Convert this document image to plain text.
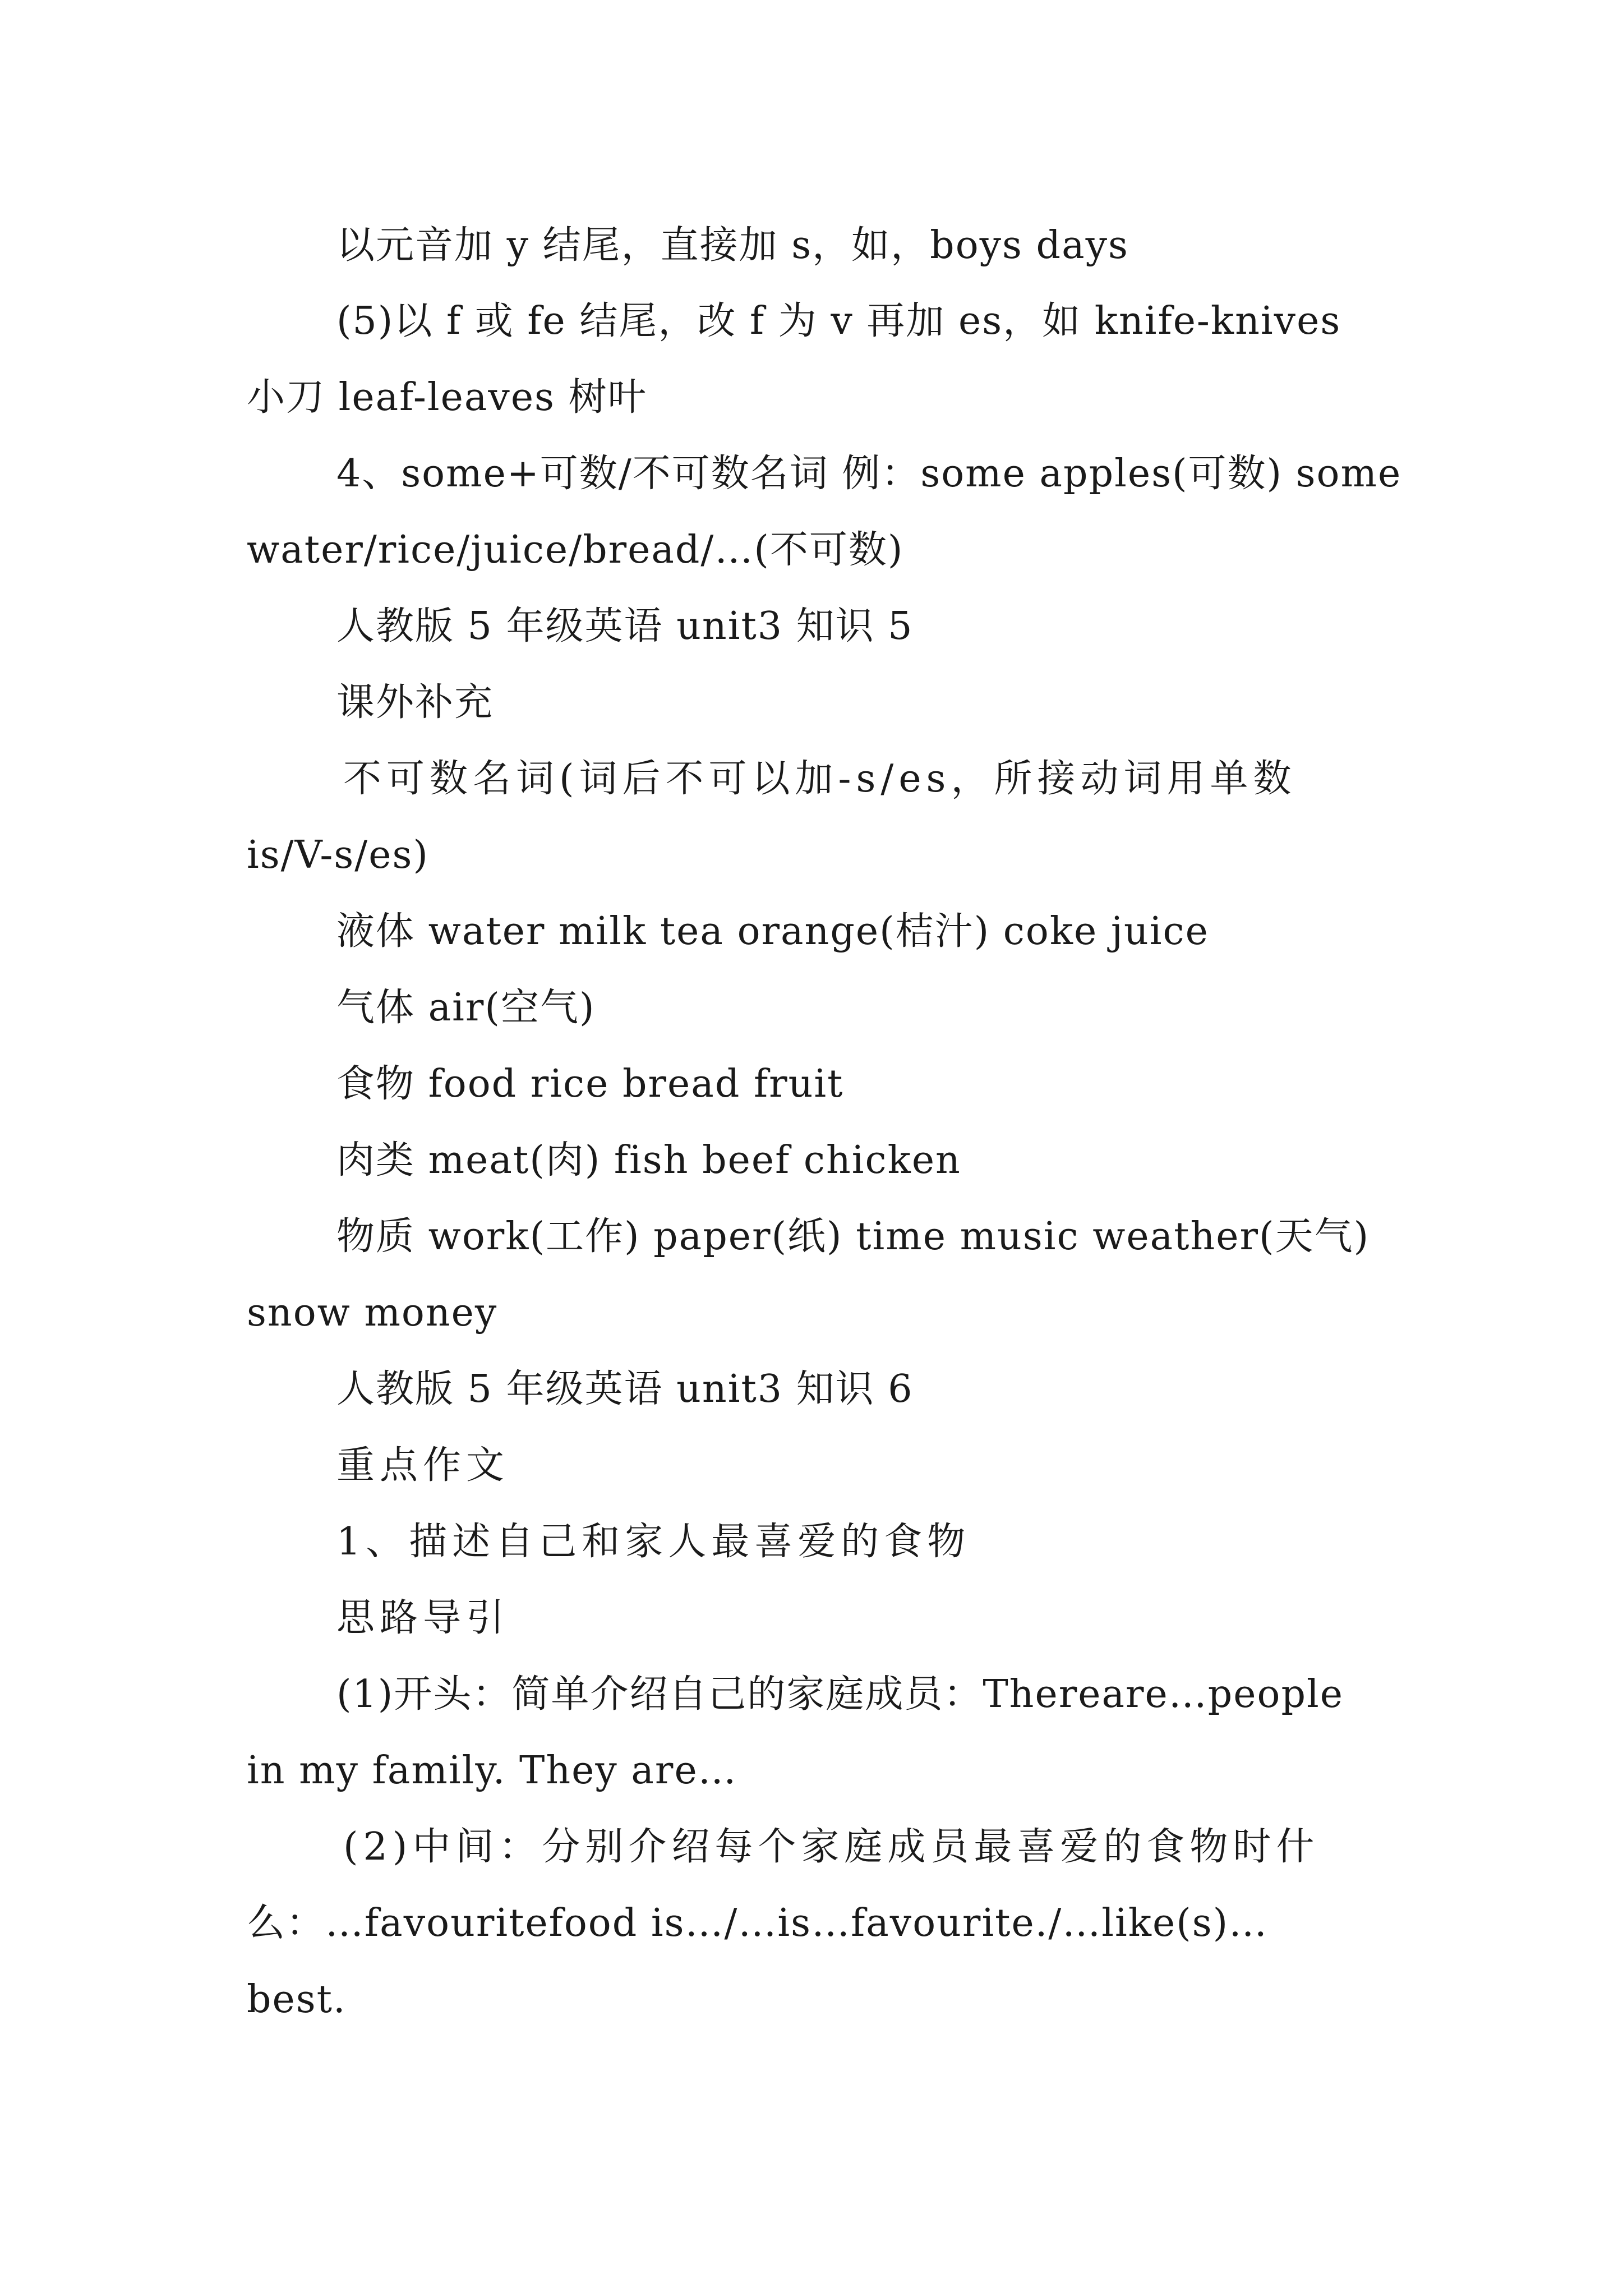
以元音加 y 结尾，直接加 s，如，boys days
(5)以 f 或 fe 结尾，改 f 为 v 再加 es，如 knife-knives
小刀 leaf-leaves 树叶
4、some+可数/不可数名词 例：some apples(可数) some
water/rice/juice/bread/…(不可数)
人教版 5 年级英语 unit3 知识 5
课外补充
不可数名词(词后不可以加-s/es，所接动词用单数
is/V-s/es)
液体 water milk tea orange(桔汁) coke juice
气体 air(空气)
食物 food rice bread fruit
肉类 meat(肉) fish beef chicken
物质 work(工作) paper(纸) time music weather(天气)
snow money
人教版 5 年级英语 unit3 知识 6
重点作文
1、描述自己和家人最喜爱的食物
思路导引
(1)开头：简单介绍自己的家庭成员：Thereare…people
in my family. They are…
(2)中间：分别介绍每个家庭成员最喜爱的食物时什
么：…favouritefood is…/…is…favourite./…like(s)…
best.
